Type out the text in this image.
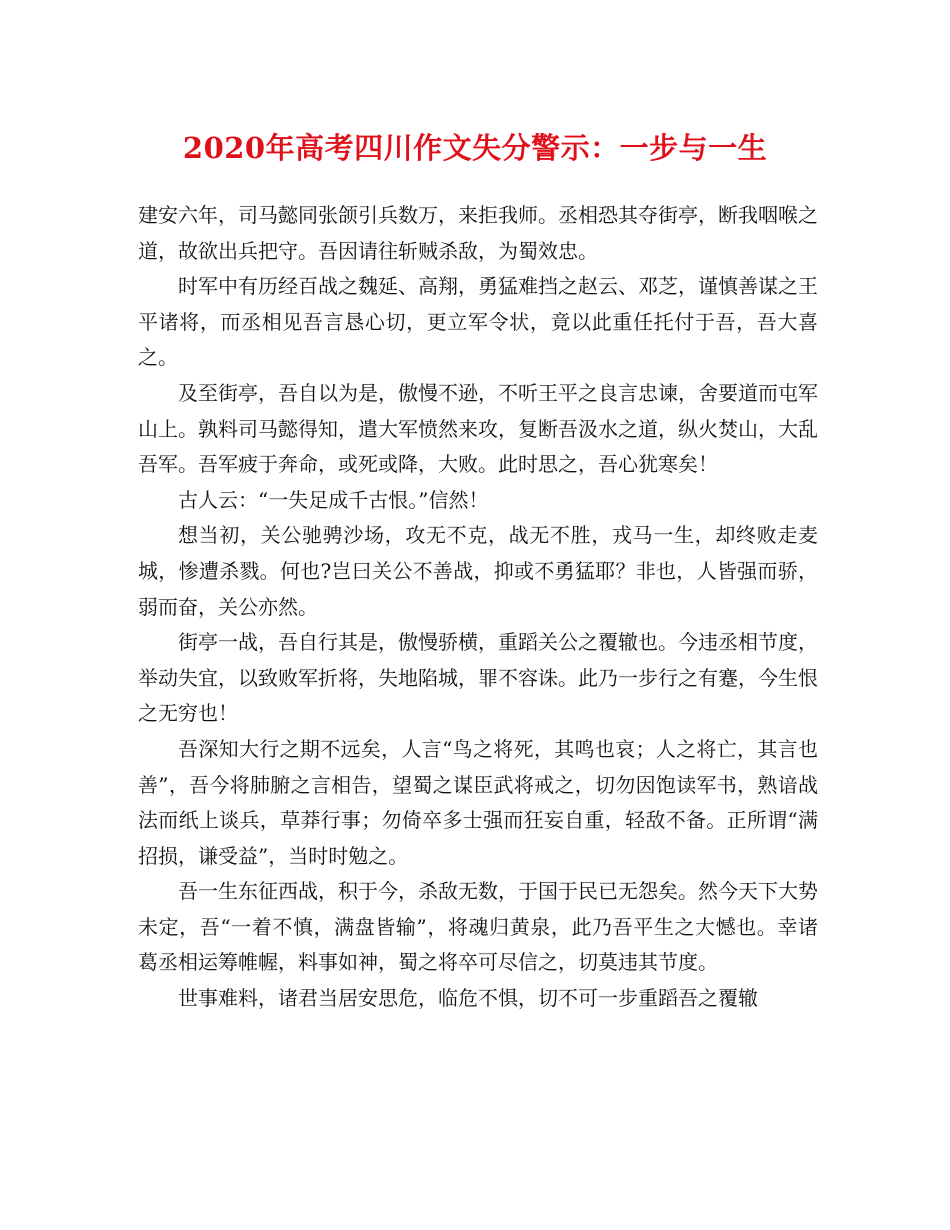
2020年高考四川作文失分警示：一步与一生

建安六年，司马懿同张颌引兵数万，来拒我师。丞相恐其夺街亭，断我咽喉之道，故欲出兵把守。吾因请往斩贼杀敌，为蜀效忠。

时军中有历经百战之魏延、高翔，勇猛难挡之赵云、邓芝，谨慎善谋之王平诸将，而丞相见吾言恳心切，更立军令状，竟以此重任托付于吾，吾大喜之。

及至街亭，吾自以为是，傲慢不逊，不听王平之良言忠谏，舍要道而屯军山上。孰料司马懿得知，遣大军愤然来攻，复断吾汲水之道，纵火焚山，大乱吾军。吾军疲于奔命，或死或降，大败。此时思之，吾心犹寒矣！

古人云：“一失足成千古恨。”信然！

想当初，关公驰骋沙场，攻无不克，战无不胜，戎马一生，却终败走麦城，惨遭杀戮。何也?岂曰关公不善战，抑或不勇猛耶？非也，人皆强而骄，弱而奋，关公亦然。

街亭一战，吾自行其是，傲慢骄横，重蹈关公之覆辙也。今违丞相节度，举动失宜，以致败军折将，失地陷城，罪不容诛。此乃一步行之有蹇，今生恨之无穷也！

吾深知大行之期不远矣，人言“鸟之将死，其鸣也哀；人之将亡，其言也善”，吾今将肺腑之言相告，望蜀之谋臣武将戒之，切勿因饱读军书，熟谙战法而纸上谈兵，草莽行事；勿倚卒多士强而狂妄自重，轻敌不备。正所谓“满招损，谦受益”，当时时勉之。

吾一生东征西战，积于今，杀敌无数，于国于民已无怨矣。然今天下大势未定，吾“一着不慎，满盘皆输”，将魂归黄泉，此乃吾平生之大憾也。幸诸葛丞相运筹帷幄，料事如神，蜀之将卒可尽信之，切莫违其节度。

世事难料，诸君当居安思危，临危不惧，切不可一步重蹈吾之覆辙
